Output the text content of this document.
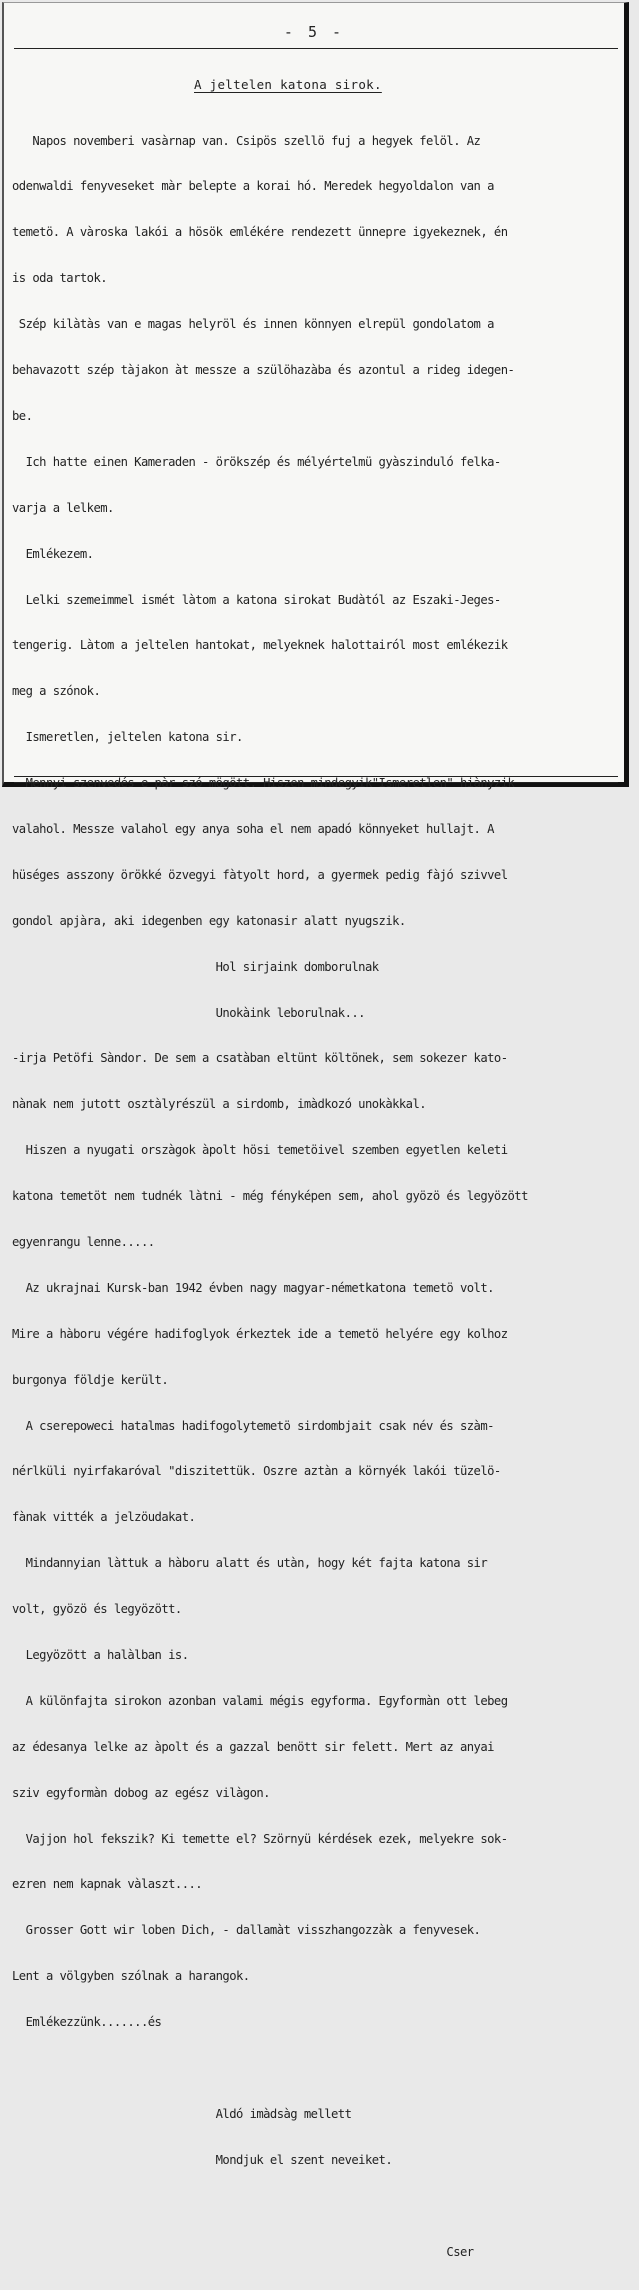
- 5 -
A jeltelen katona sirok.

Napos novemberi vasàrnap van. Csipös szellö fuj a hegyek felöl. Az

odenwaldi fenyveseket màr belepte a korai hó. Meredek hegyoldalon van a

temetö. A vàroska lakói a hösök emlékére rendezett ünnepre igyekeznek, én

is oda tartok.

Szép kilàtàs van e magas helyröl és innen könnyen elrepül gondolatom a

behavazott szép tàjakon àt messze a szülöhazàba és azontul a rideg idegen-

be.

Ich hatte einen Kameraden - örökszép és mélyértelmü gyàszinduló felka-

varja a lelkem.

Emlékezem.

Lelki szemeimmel ismét làtom a katona sirokat Budàtól az Eszaki-Jeges-

tengerig. Làtom a jeltelen hantokat, melyeknek halottairól most emlékezik

meg a szónok.

Ismeretlen, jeltelen katona sir.

Mennyi szenvedés e pàr szó mögött. Hiszen mindegyik"Ismeretlen" hiànyzik

valahol. Messze valahol egy anya soha el nem apadó könnyeket hullajt. A

hüséges asszony örökké özvegyi fàtyolt hord, a gyermek pedig fàjó szivvel

gondol apjàra, aki idegenben egy katonasir alatt nyugszik.

Hol sirjaink domborulnak

Unokàink leborulnak...

-irja Petöfi Sàndor. De sem a csatàban eltünt költönek, sem sokezer kato-

nànak nem jutott osztàlyrészül a sirdomb, imàdkozó unokàkkal.

Hiszen a nyugati orszàgok àpolt hösi temetöivel szemben egyetlen keleti

katona temetöt nem tudnék làtni - még fényképen sem, ahol gyözö és legyözött

egyenrangu lenne.....

Az ukrajnai Kursk-ban 1942 évben nagy magyar-németkatona temetö volt.

Mire a hàboru végére hadifoglyok érkeztek ide a temetö helyére egy kolhoz

burgonya földje került.

A cserepoweci hatalmas hadifogolytemetö sirdombjait csak név és szàm-

nérlküli nyirfakaróval "diszitettük. Oszre aztàn a környék lakói tüzelö-

fànak vitték a jelzöudakat.

Mindannyian làttuk a hàboru alatt és utàn, hogy két fajta katona sir

volt, gyözö és legyözött.

Legyözött a halàlban is.

A különfajta sirokon azonban valami mégis egyforma. Egyformàn ott lebeg

az édesanya lelke az àpolt és a gazzal benött sir felett. Mert az anyai

sziv egyformàn dobog az egész vilàgon.

Vajjon hol fekszik? Ki temette el? Szörnyü kérdések ezek, melyekre sok-

ezren nem kapnak vàlaszt....

Grosser Gott wir loben Dich, - dallamàt visszhangozzàk a fenyvesek.

Lent a völgyben szólnak a harangok.

Emlékezzünk.......és

Aldó imàdsàg mellett

Mondjuk el szent neveiket.

Cser
